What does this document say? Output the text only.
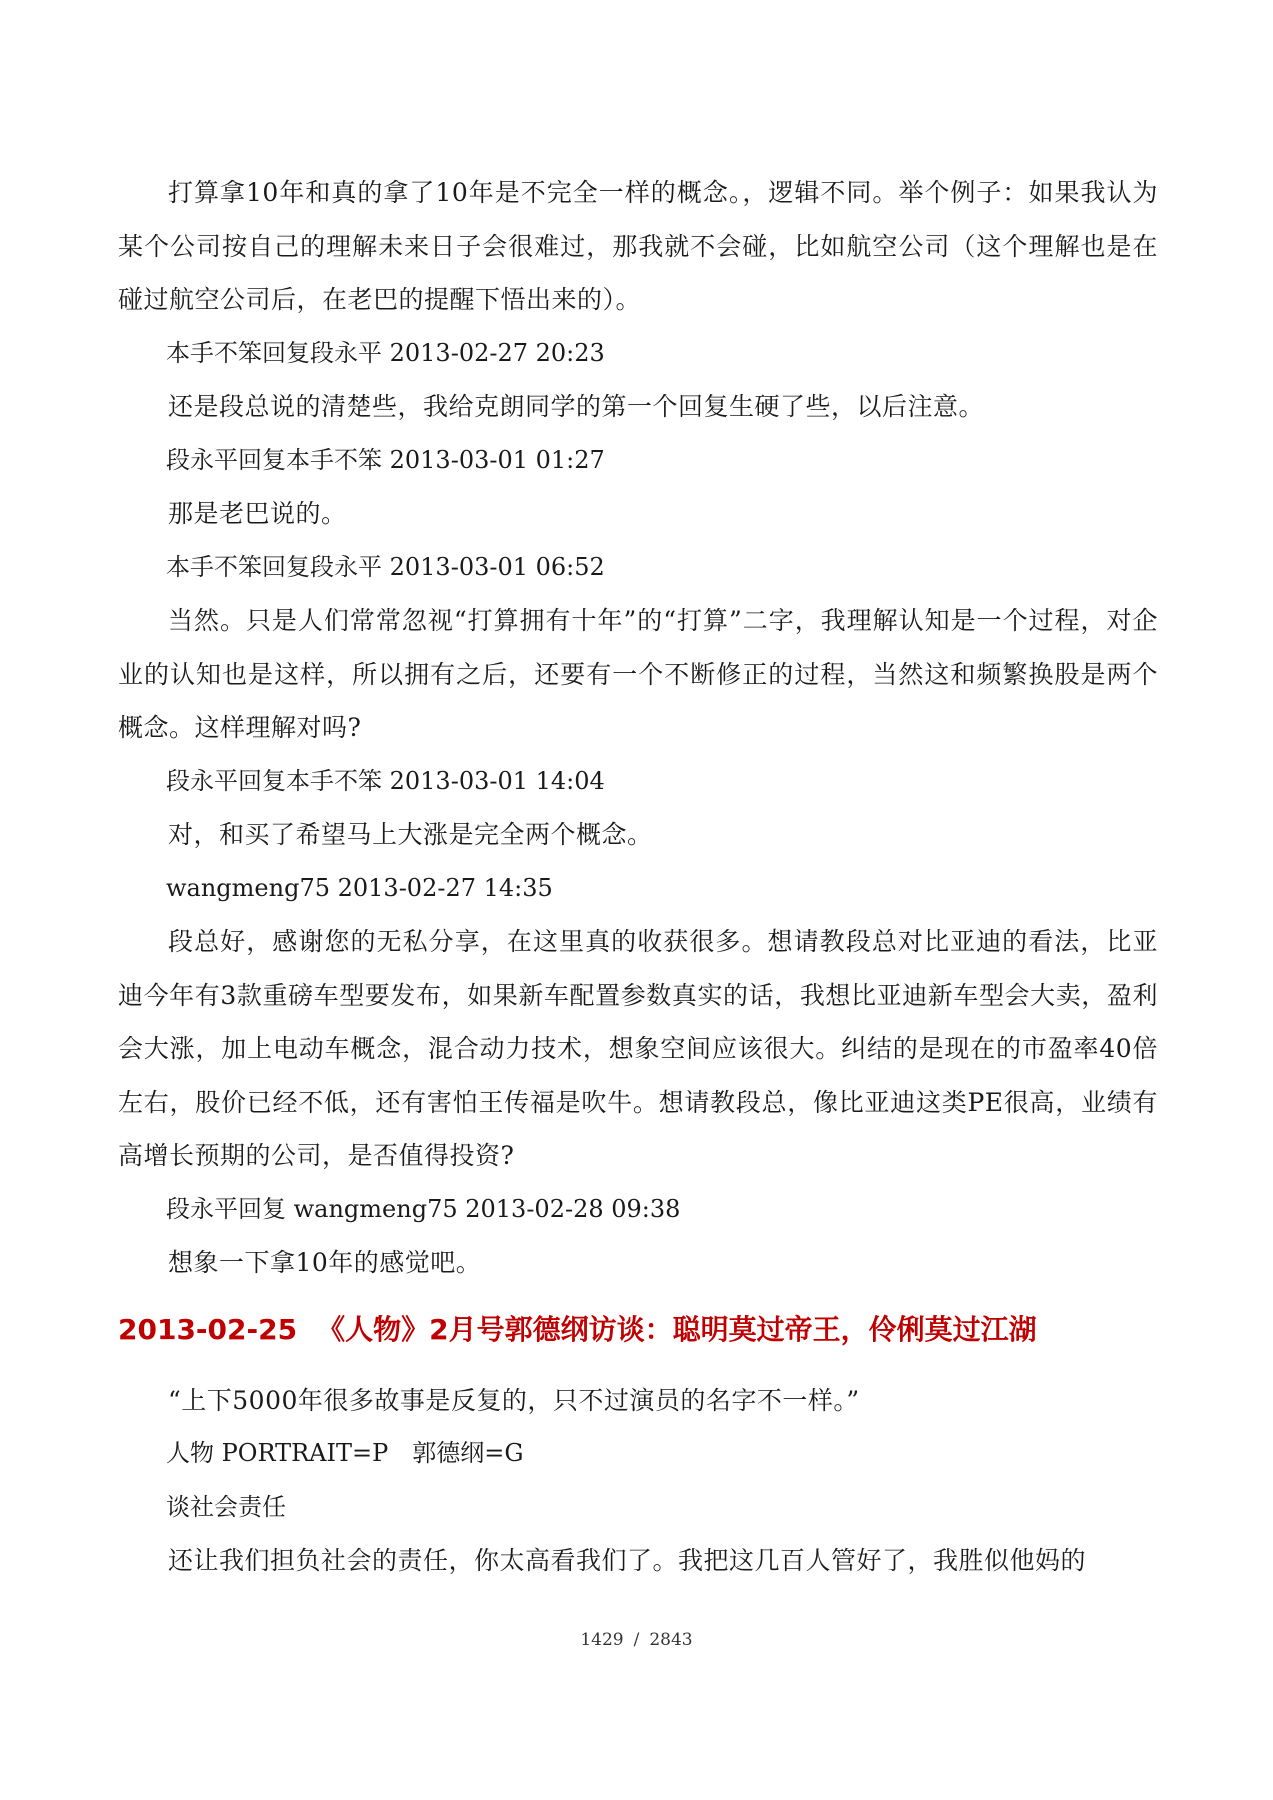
打算拿10年和真的拿了10年是不完全一样的概念。，逻辑不同。举个例子：如果我认为某个公司按自己的理解未来日子会很难过，那我就不会碰，比如航空公司（这个理解也是在碰过航空公司后，在老巴的提醒下悟出来的）。

本手不笨回复段永平 2013-02-27 20:23

还是段总说的清楚些，我给克朗同学的第一个回复生硬了些，以后注意。

段永平回复本手不笨 2013-03-01 01:27

那是老巴说的。

本手不笨回复段永平 2013-03-01 06:52

当然。只是人们常常忽视“打算拥有十年”的“打算”二字，我理解认知是一个过程，对企业的认知也是这样，所以拥有之后，还要有一个不断修正的过程，当然这和频繁换股是两个概念。这样理解对吗?

段永平回复本手不笨 2013-03-01 14:04

对，和买了希望马上大涨是完全两个概念。

wangmeng75 2013-02-27 14:35

段总好，感谢您的无私分享，在这里真的收获很多。想请教段总对比亚迪的看法，比亚迪今年有3款重磅车型要发布，如果新车配置参数真实的话，我想比亚迪新车型会大卖，盈利会大涨，加上电动车概念，混合动力技术，想象空间应该很大。纠结的是现在的市盈率40倍左右，股价已经不低，还有害怕王传福是吹牛。想请教段总，像比亚迪这类PE很高，业绩有高增长预期的公司，是否值得投资?

段永平回复 wangmeng75 2013-02-28 09:38

想象一下拿10年的感觉吧。

2013-02-25 《人物》2月号郭德纲访谈：聪明莫过帝王，伶俐莫过江湖

“上下5000年很多故事是反复的，只不过演员的名字不一样。”

人物 PORTRAIT=P　郭德纲=G

谈社会责任

还让我们担负社会的责任，你太高看我们了。我把这几百人管好了，我胜似他妈的

1429 / 2843
